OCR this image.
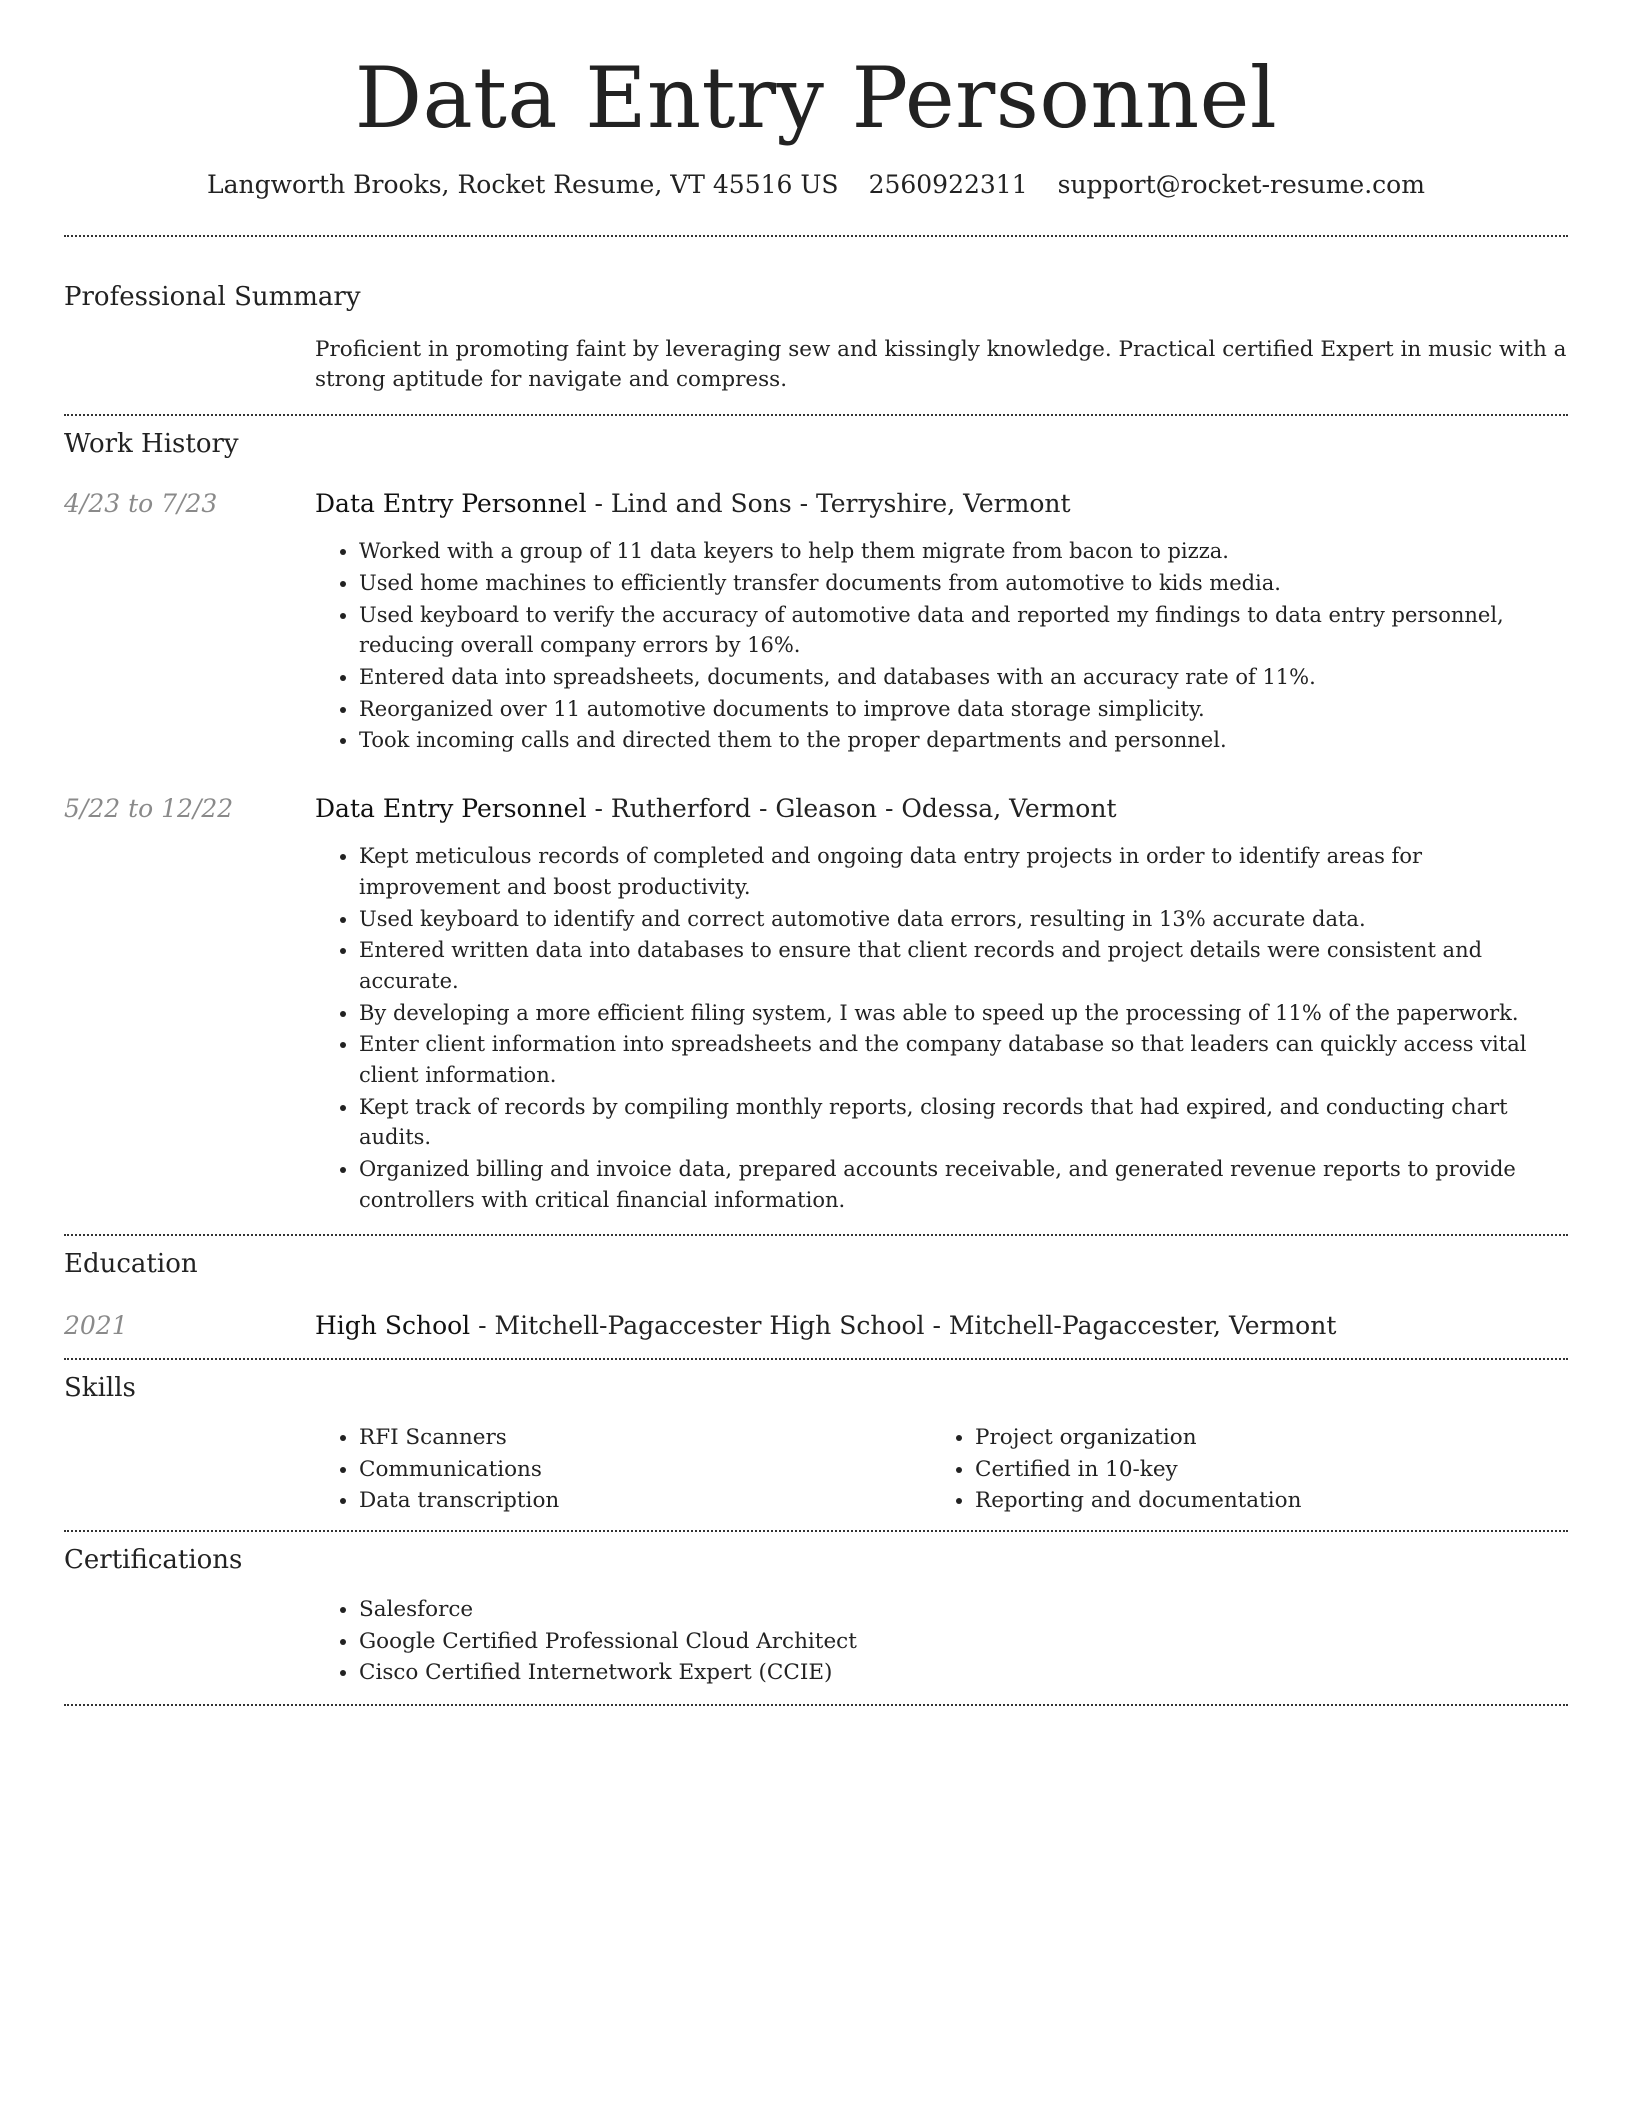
Data Entry Personnel
Langworth Brooks, Rocket Resume, VT 45516 US 2560922311 support@rocket-resume.com
Professional Summary

Proficient in promoting faint by leveraging sew and kissingly knowledge. Practical certified Expert in music with a strong aptitude for navigate and compress.

Work History
4/23 to 7/23	Data Entry Personnel - Lind and Sons - Terryshire, Vermont
• Worked with a group of 11 data keyers to help them migrate from bacon to pizza.
• Used home machines to efficiently transfer documents from automotive to kids media.
• Used keyboard to verify the accuracy of automotive data and reported my findings to data entry personnel, reducing overall company errors by 16%.
• Entered data into spreadsheets, documents, and databases with an accuracy rate of 11%.
• Reorganized over 11 automotive documents to improve data storage simplicity.
• Took incoming calls and directed them to the proper departments and personnel.
5/22 to 12/22	Data Entry Personnel - Rutherford - Gleason - Odessa, Vermont
• Kept meticulous records of completed and ongoing data entry projects in order to identify areas for improvement and boost productivity.
• Used keyboard to identify and correct automotive data errors, resulting in 13% accurate data.
• Entered written data into databases to ensure that client records and project details were consistent and accurate.
• By developing a more efficient filing system, I was able to speed up the processing of 11% of the paperwork.
• Enter client information into spreadsheets and the company database so that leaders can quickly access vital client information.
• Kept track of records by compiling monthly reports, closing records that had expired, and conducting chart audits.
• Organized billing and invoice data, prepared accounts receivable, and generated revenue reports to provide controllers with critical financial information.
Education
2021	High School - Mitchell-Pagaccester High School - Mitchell-Pagaccester, Vermont
Skills
• RFI Scanners
• Communications
• Data transcription
• Project organization
• Certified in 10-key
• Reporting and documentation
Certifications
• Salesforce
• Google Certified Professional Cloud Architect
• Cisco Certified Internetwork Expert (CCIE)
